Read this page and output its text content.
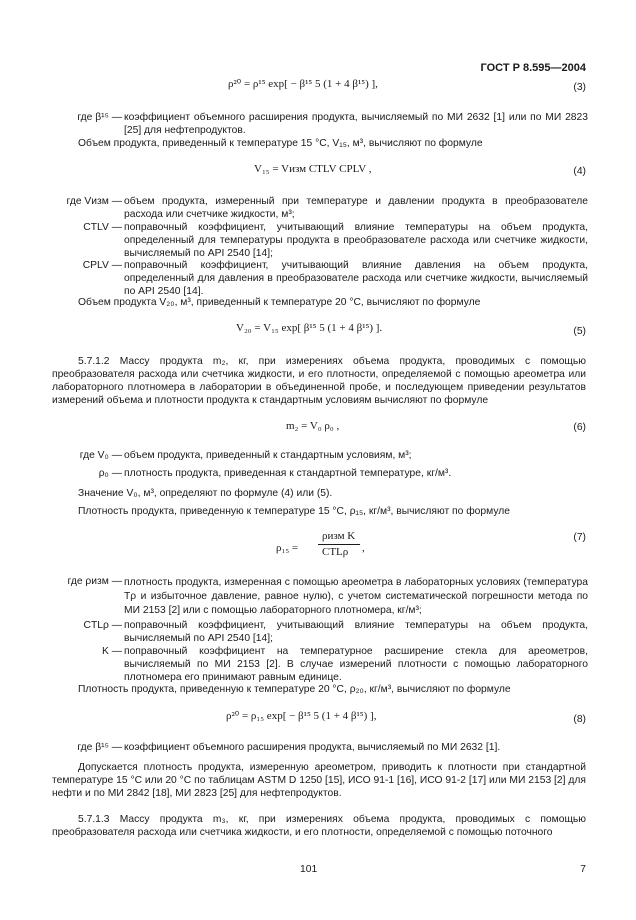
ГОСТ Р 8.595—2004
ρ²⁰ = ρ¹⁵ exp[ − β¹⁵ 5 (1 + 4 β¹⁵) ],	(3)
где β¹⁵ — коэффициент объемного расширения продукта, вычисляемый по МИ 2632 [1] или по МИ 2823 [25] для нефтепродуктов.
Объем продукта, приведенный к температуре 15 °C, V₁₅, м³, вычисляют по формуле
V₁₅ = Vизм CTLV CPLV ,	(4)
где Vизм — объем продукта, измеренный при температуре и давлении продукта в преобразователе расхода или счетчике жидкости, м³;
CTLV — поправочный коэффициент, учитывающий влияние температуры на объем продукта, определенный для температуры продукта в преобразователе расхода или счетчике жидкости, вычисляемый по API 2540 [14];
CPLV — поправочный коэффициент, учитывающий влияние давления на объем продукта, определенный для давления в преобразователе расхода или счетчике жидкости, вычисляемый по API 2540 [14].
Объем продукта V₂₀, м³, приведенный к температуре 20 °C, вычисляют по формуле
V₂₀ = V₁₅ exp[ β¹⁵ 5 (1 + 4 β¹⁵) ].	(5)
5.7.1.2 Массу продукта m₂, кг, при измерениях объема продукта, проводимых с помощью преобразователя расхода или счетчика жидкости, и его плотности, определяемой с помощью ареометра или лабораторного плотномера в лаборатории в объединенной пробе, и последующем приведении результатов измерений объема и плотности продукта к стандартным условиям вычисляют по формуле
m₂ = V₀ ρ₀ ,	(6)
где V₀ — объем продукта, приведенный к стандартным условиям, м³;
ρ₀ — плотность продукта, приведенная к стандартной температуре, кг/м³.
Значение V₀, м³, определяют по формуле (4) или (5).
Плотность продукта, приведенную к температуре 15 °C, ρ₁₅, кг/м³, вычисляют по формуле
ρ₁₅ =
ρизм K
CTLρ ,
(7)
где ρизм — плотность продукта, измеренная с помощью ареометра в лабораторных условиях (температура Tρ и избыточное давление, равное нулю), с учетом систематической погрешности метода по МИ 2153 [2] или с помощью лабораторного плотномера, кг/м³;
CTLρ — поправочный коэффициент, учитывающий влияние температуры на объем продукта, вычисляемый по API 2540 [14];
K — поправочный коэффициент на температурное расширение стекла для ареометров, вычисляемый по МИ 2153 [2]. В случае измерений плотности с помощью лабораторного плотномера его принимают равным единице.
Плотность продукта, приведенную к температуре 20 °C, ρ₂₀, кг/м³, вычисляют по формуле
ρ²⁰ = ρ₁₅ exp[ − β¹⁵ 5 (1 + 4 β¹⁵) ],	(8)
где β¹⁵ — коэффициент объемного расширения продукта, вычисляемый по МИ 2632 [1].
Допускается плотность продукта, измеренную ареометром, приводить к плотности при стандартной температуре 15 °C или 20 °C по таблицам ASTM D 1250 [15], ИСО 91-1 [16], ИСО 91-2 [17] или МИ 2153 [2] для нефти и по МИ 2842 [18], МИ 2823 [25] для нефтепродуктов.
5.7.1.3 Массу продукта m₃, кг, при измерениях объема продукта, проводимых с помощью преобразователя расхода или счетчика жидкости, и его плотности, определяемой с помощью поточного
101	7
